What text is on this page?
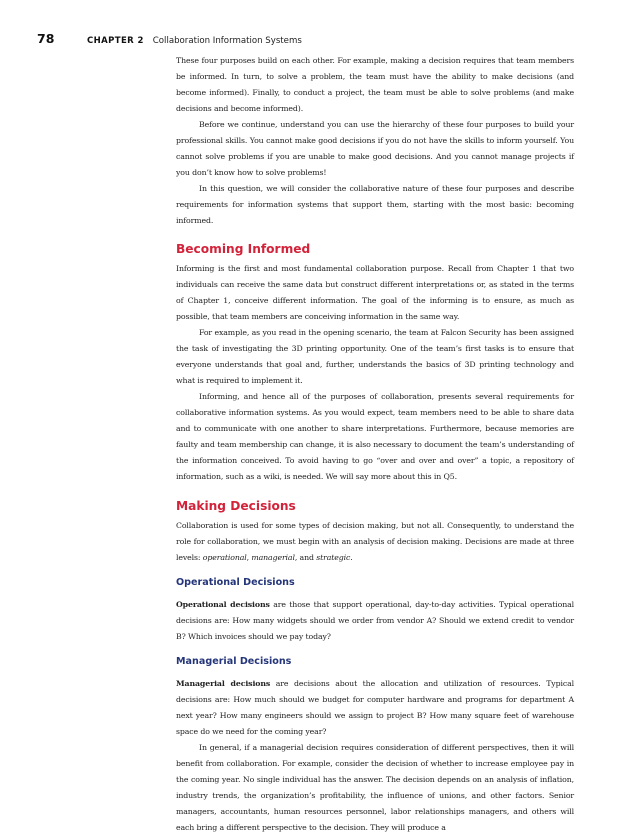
78	CHAPTER 2 Collaboration Information Systems

These four purposes build on each other. For example, making a decision requires that team members be informed. In turn, to solve a problem, the team must have the ability to make decisions (and become informed). Finally, to conduct a project, the team must be able to solve problems (and make decisions and become informed).

Before we continue, understand you can use the hierarchy of these four purposes to build your professional skills. You cannot make good decisions if you do not have the skills to inform yourself. You cannot solve problems if you are unable to make good decisions. And you cannot manage projects if you don’t know how to solve problems!

In this question, we will consider the collaborative nature of these four purposes and describe requirements for information systems that support them, starting with the most basic: becoming informed.

Becoming Informed

Informing is the first and most fundamental collaboration purpose. Recall from Chapter 1 that two individuals can receive the same data but construct different interpretations or, as stated in the terms of Chapter 1, conceive different information. The goal of the informing is to ensure, as much as possible, that team members are conceiving information in the same way.

For example, as you read in the opening scenario, the team at Falcon Security has been assigned the task of investigating the 3D printing opportunity. One of the team’s first tasks is to ensure that everyone understands that goal and, further, understands the basics of 3D printing technology and what is required to implement it.

Informing, and hence all of the purposes of collaboration, presents several requirements for collaborative information systems. As you would expect, team members need to be able to share data and to communicate with one another to share interpretations. Furthermore, because memories are faulty and team membership can change, it is also necessary to document the team’s understanding of the information conceived. To avoid having to go “over and over and over” a topic, a repository of information, such as a wiki, is needed. We will say more about this in Q5.

Making Decisions

Collaboration is used for some types of decision making, but not all. Consequently, to understand the role for collaboration, we must begin with an analysis of decision making. Decisions are made at three levels: operational, managerial, and strategic.

Operational Decisions

Operational decisions are those that support operational, day-to-day activities. Typical operational decisions are: How many widgets should we order from vendor A? Should we extend credit to vendor B? Which invoices should we pay today?

Managerial Decisions

Managerial decisions are decisions about the allocation and utilization of resources. Typical decisions are: How much should we budget for computer hardware and programs for department A next year? How many engineers should we assign to project B? How many square feet of warehouse space do we need for the coming year?

In general, if a managerial decision requires consideration of different perspectives, then it will benefit from collaboration. For example, consider the decision of whether to increase employee pay in the coming year. No single individual has the answer. The decision depends on an analysis of inflation, industry trends, the organization’s profitability, the influence of unions, and other factors. Senior managers, accountants, human resources personnel, labor relationships managers, and others will each bring a different perspective to the decision. They will produce a
